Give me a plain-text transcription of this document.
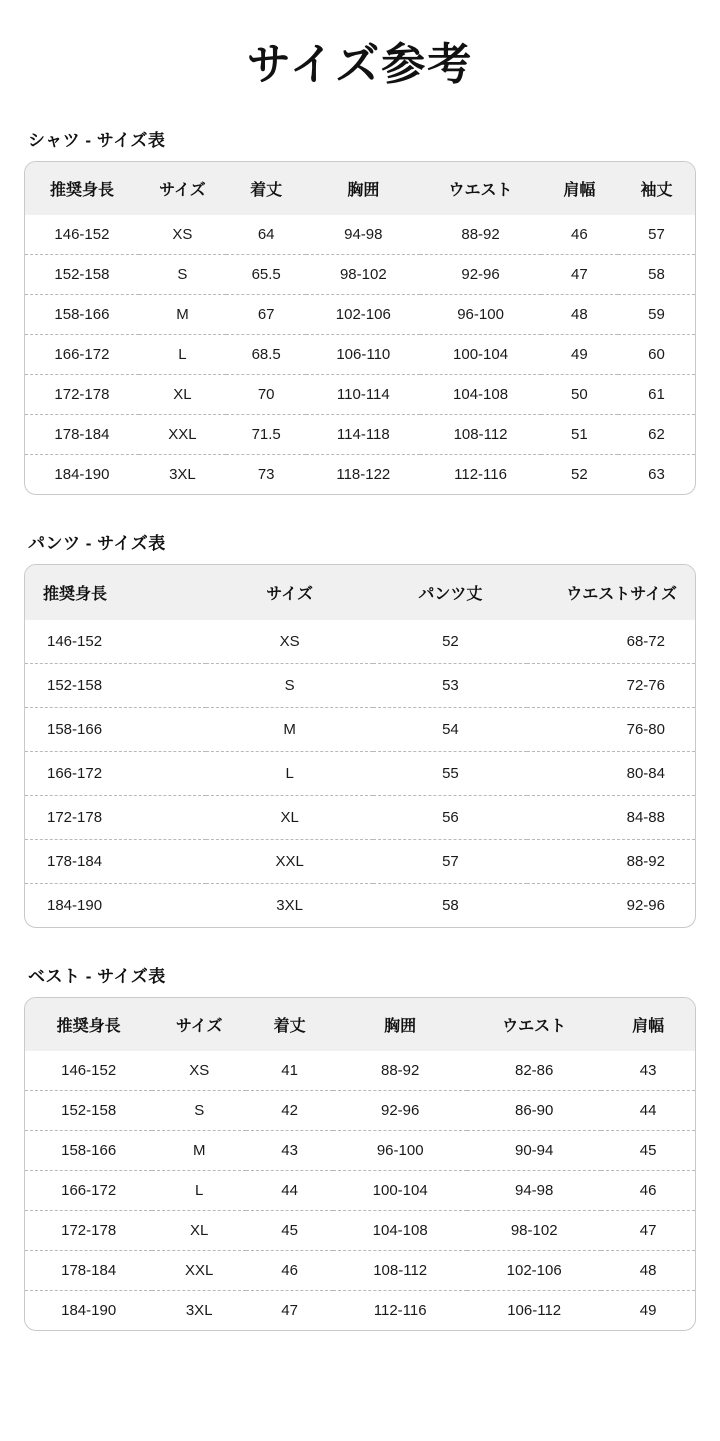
サイズ参考
シャツ - サイズ表
推奨身長	サイズ	着丈	胸囲	ウエスト	肩幅	袖丈
146-152	XS	64	94-98	88-92	46	57
152-158	S	65.5	98-102	92-96	47	58
158-166	M	67	102-106	96-100	48	59
166-172	L	68.5	106-110	100-104	49	60
172-178	XL	70	110-114	104-108	50	61
178-184	XXL	71.5	114-118	108-112	51	62
184-190	3XL	73	118-122	112-116	52	63
パンツ - サイズ表
推奨身長	サイズ	パンツ丈	ウエストサイズ
146-152	XS	52	68-72
152-158	S	53	72-76
158-166	M	54	76-80
166-172	L	55	80-84
172-178	XL	56	84-88
178-184	XXL	57	88-92
184-190	3XL	58	92-96
ベスト - サイズ表
推奨身長	サイズ	着丈	胸囲	ウエスト	肩幅
146-152	XS	41	88-92	82-86	43
152-158	S	42	92-96	86-90	44
158-166	M	43	96-100	90-94	45
166-172	L	44	100-104	94-98	46
172-178	XL	45	104-108	98-102	47
178-184	XXL	46	108-112	102-106	48
184-190	3XL	47	112-116	106-112	49
